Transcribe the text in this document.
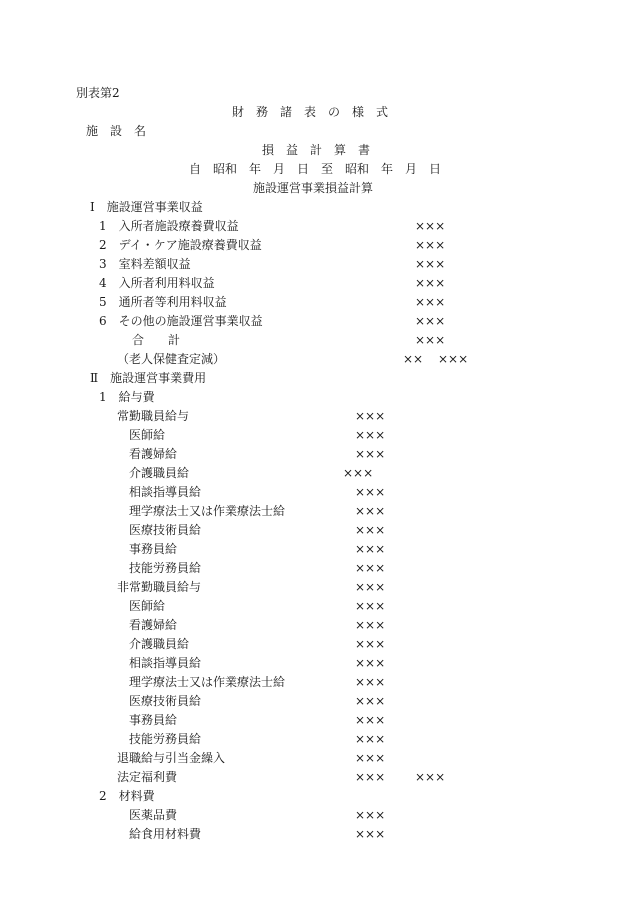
別表第2
財　務　諸　表　の　様　式
施　設　名
損　益　計　算　書
自　昭和　年　月　日　至　昭和　年　月　日
施設運営事業損益計算
Ⅰ　施設運営事業収益
1　入所者施設療養費収益	×××
2　デイ・ケア施設療養費収益	×××
3　室料差額収益	×××
4　入所者利用料収益	×××
5　通所者等利用料収益	×××
6　その他の施設運営事業収益	×××
合　　計	×××
（老人保健査定減）	×× ×××
Ⅱ　施設運営事業費用
1　給与費
常勤職員給与	×××
医師給	×××
看護婦給	×××
介護職員給	×××
相談指導員給	×××
理学療法士又は作業療法士給	×××
医療技術員給	×××
事務員給	×××
技能労務員給	×××
非常勤職員給与	×××
医師給	×××
看護婦給	×××
介護職員給	×××
相談指導員給	×××
理学療法士又は作業療法士給	×××
医療技術員給	×××
事務員給	×××
技能労務員給	×××
退職給与引当金繰入	×××
法定福利費	××× ×××
2　材料費
医薬品費	×××
給食用材料費	×××
